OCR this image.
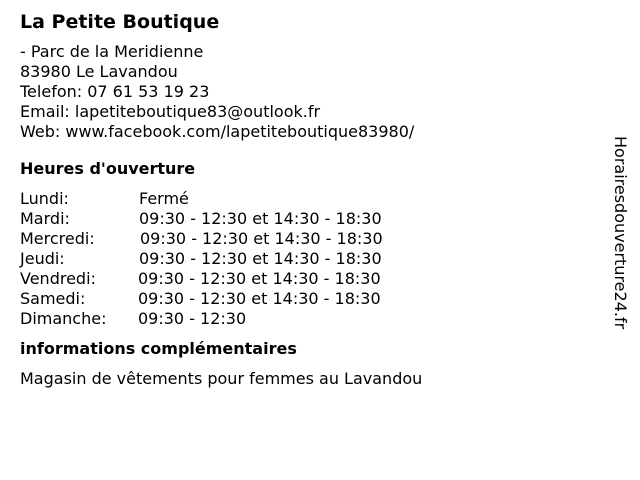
La Petite Boutique
- Parc de la Meridienne
83980 Le Lavandou
Telefon: 07 61 53 19 23
Email: lapetiteboutique83@outlook.fr
Web: www.facebook.com/lapetiteboutique83980/
Heures d'ouverture
Lundi:	Fermé
Mardi:	09:30 - 12:30 et 14:30 - 18:30
Mercredi:	09:30 - 12:30 et 14:30 - 18:30
Jeudi:	09:30 - 12:30 et 14:30 - 18:30
Vendredi:	09:30 - 12:30 et 14:30 - 18:30
Samedi:	09:30 - 12:30 et 14:30 - 18:30
Dimanche: 09:30 - 12:30
informations complémentaires
Magasin de vêtements pour femmes au Lavandou
Horairesdouverture24.fr
